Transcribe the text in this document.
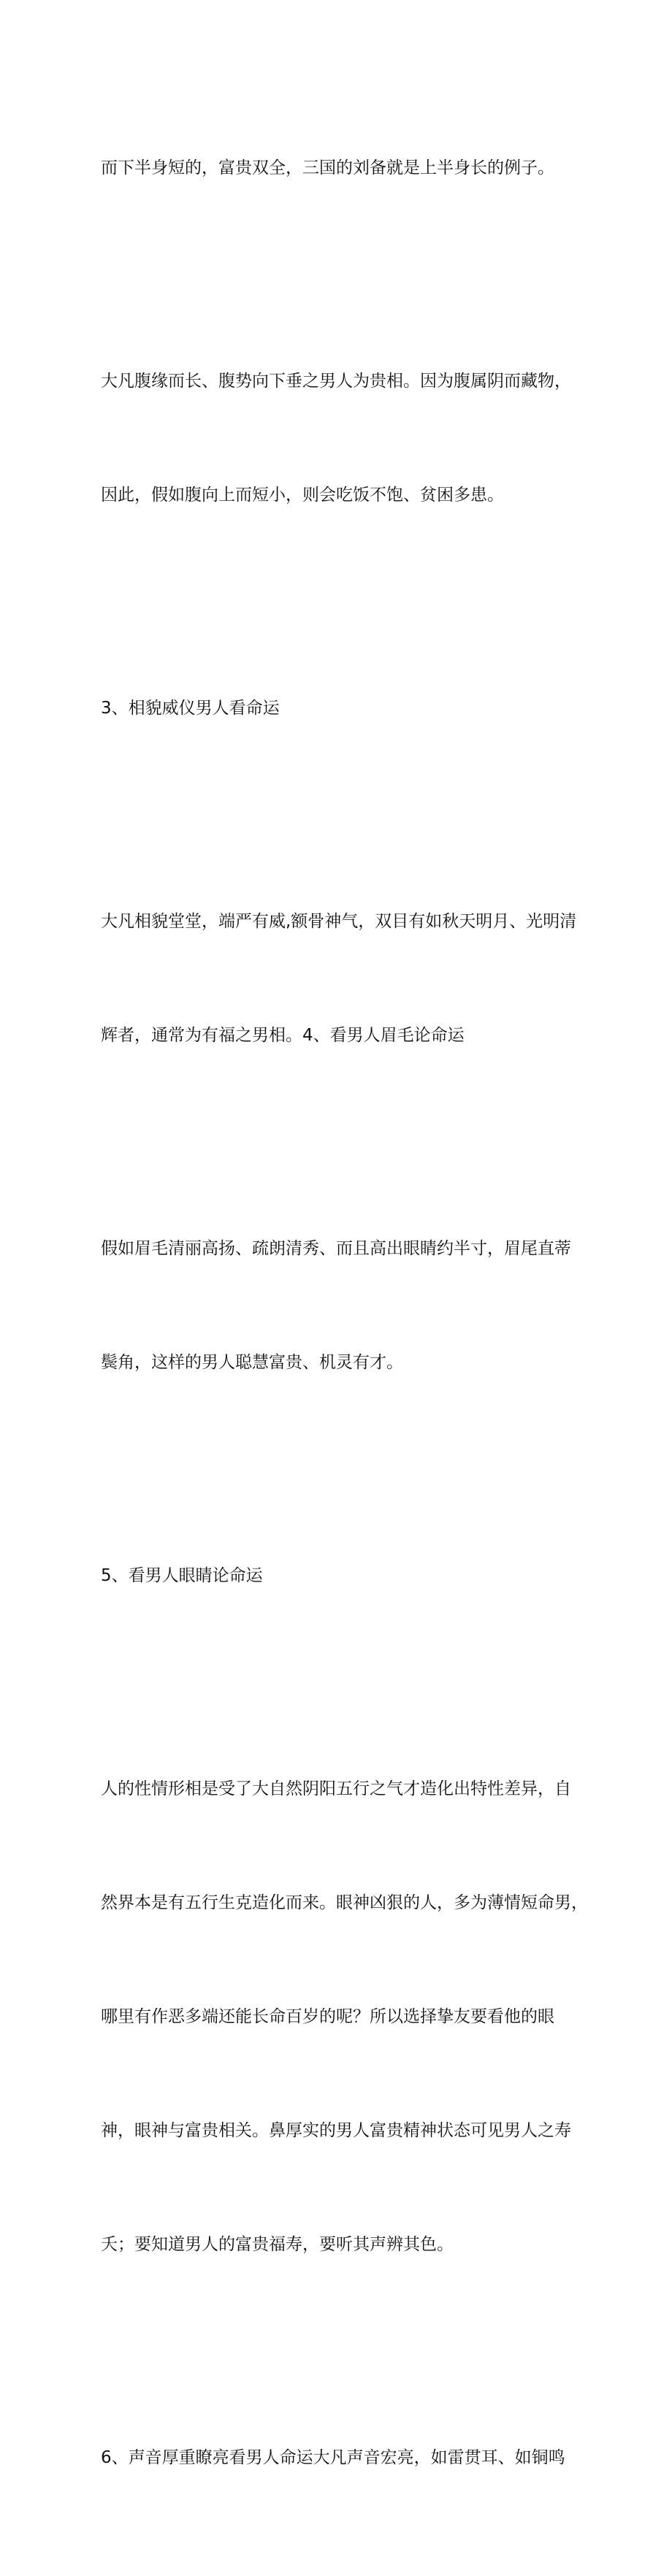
而下半身短的，富贵双全，三国的刘备就是上半身长的例子。

大凡腹缘而长、腹势向下垂之男人为贵相。因为腹属阴而藏物，

因此，假如腹向上而短小，则会吃饭不饱、贫困多患。

3、相貌威仪男人看命运

大凡相貌堂堂，端严有威,额骨神气，双目有如秋天明月、光明清

辉者，通常为有福之男相。4、看男人眉毛论命运

假如眉毛清丽高扬、疏朗清秀、而且高出眼睛约半寸，眉尾直蒂

鬓角，这样的男人聪慧富贵、机灵有才。

5、看男人眼睛论命运

人的性情形相是受了大自然阴阳五行之气才造化出特性差异，自

然界本是有五行生克造化而来。眼神凶狠的人，多为薄情短命男，

哪里有作恶多端还能长命百岁的呢？所以选择挚友要看他的眼

神，眼神与富贵相关。鼻厚实的男人富贵精神状态可见男人之寿

夭；要知道男人的富贵福寿，要听其声辨其色。

6、声音厚重瞭亮看男人命运大凡声音宏亮，如雷贯耳、如铜鸣
